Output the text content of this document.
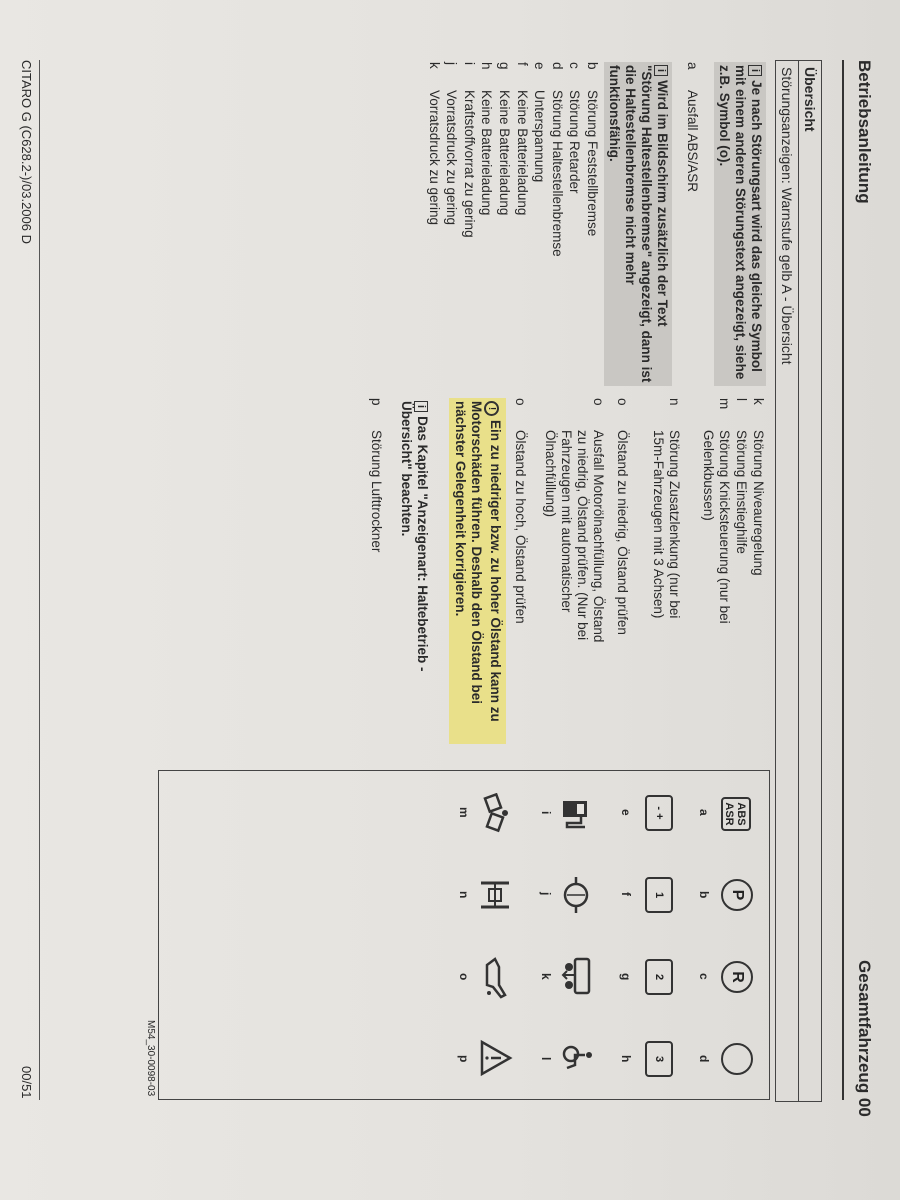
Betriebsanleitung
Gesamtfahrzeug 00
Übersicht
Störungsanzeigen: Warnstufe gelb A - Übersicht
iJe nach Störungsart wird das gleiche Symbol mit einem anderen Störungstext angezeigt, siehe z.B. Symbol (o).
a
Ausfall ABS/ASR
iWird im Bildschirm zusätzlich der Text "Störung Haltestellenbremse" angezeigt, dann ist die Haltestellenbremse nicht mehr funktionsfähig.
b
Störung Feststellbremse
c
Störung Retarder
d
Störung Haltestellenbremse
e
Unterspannung
f
Keine Batterieladung
g
Keine Batterieladung
h
Keine Batterieladung
i
Kraftstoffvorrat zu gering
j
Vorratsdruck zu gering
k
Vorratsdruck zu gering
k
Störung Niveauregelung
l
Störung Einstieghilfe
m
Störung Knicksteuerung (nur bei
Gelenkbussen)
n
Störung Zusatzlenkung (nur bei
15m-Fahrzeugen mit 3 Achsen)
o
Ölstand zu niedrig, Ölstand prüfen
o
Ausfall Motorölnachfüllung, Ölstand
zu niedrig, Ölstand prüfen. (Nur bei
Fahrzeugen mit automatischer
Ölnachfüllung)
o
Ölstand zu hoch, Ölstand prüfen
!Ein zu niedriger bzw. zu hoher Ölstand kann zu Motorschäden führen. Deshalb den Ölstand bei nächster Gelegenheit korrigieren.
iDas Kapitel "Anzeigenart: Haltebetrieb - Übersicht" beachten.
p
Störung Lufttrockner
ABS
ASR
P
R
a
b
c
d
- +
1
2
3
e
f
g
h
i
j
k
l
m
n
o
p
M54_30-0098-03
CITARO G (C628.2-)/03.2006 D
00/51
